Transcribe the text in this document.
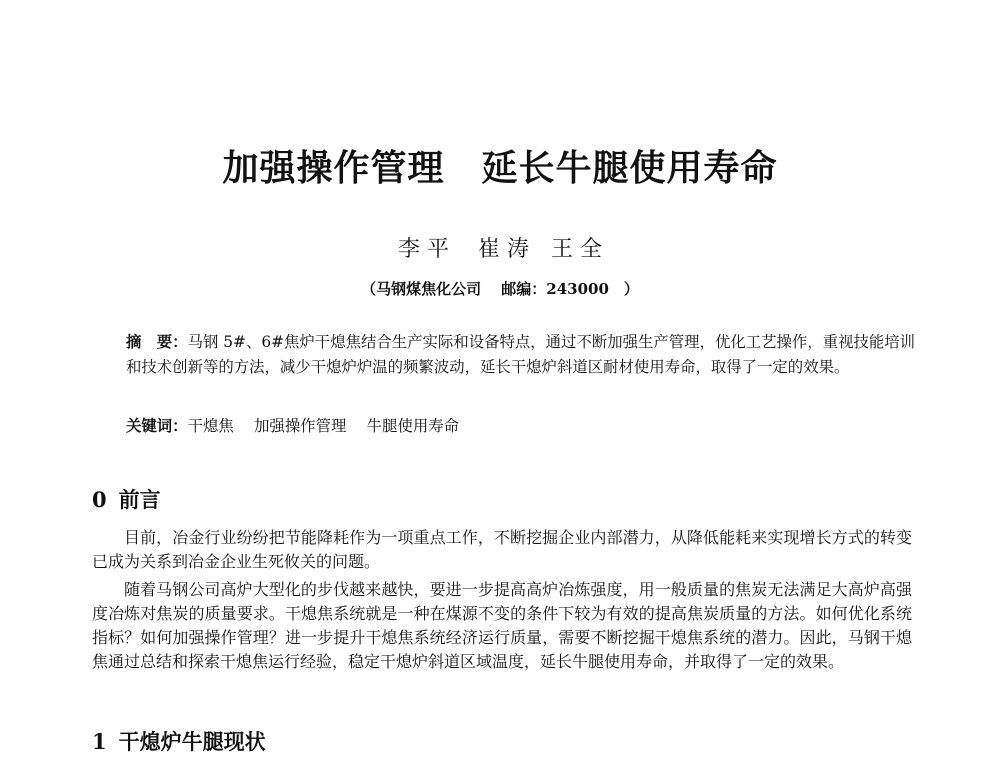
加强操作管理　延长牛腿使用寿命
李 平　 崔 涛　王 全
（马钢煤焦化公司　 邮编：243000　）
摘　要：马钢 5#、6#焦炉干熄焦结合生产实际和设备特点，通过不断加强生产管理，优化工艺操作，重视技能培训和技术创新等的方法，减少干熄炉炉温的频繁波动，延长干熄炉斜道区耐材使用寿命，取得了一定的效果。
关键词：干熄焦　 加强操作管理　 牛腿使用寿命
0 前言
目前，冶金行业纷纷把节能降耗作为一项重点工作，不断挖掘企业内部潜力，从降低能耗来实现增长方式的转变已成为关系到冶金企业生死攸关的问题。
随着马钢公司高炉大型化的步伐越来越快，要进一步提高高炉冶炼强度，用一般质量的焦炭无法满足大高炉高强度冶炼对焦炭的质量要求。干熄焦系统就是一种在煤源不变的条件下较为有效的提高焦炭质量的方法。如何优化系统指标？如何加强操作管理？进一步提升干熄焦系统经济运行质量，需要不断挖掘干熄焦系统的潜力。因此，马钢干熄焦通过总结和探索干熄焦运行经验，稳定干熄炉斜道区域温度，延长牛腿使用寿命，并取得了一定的效果。
1 干熄炉牛腿现状
